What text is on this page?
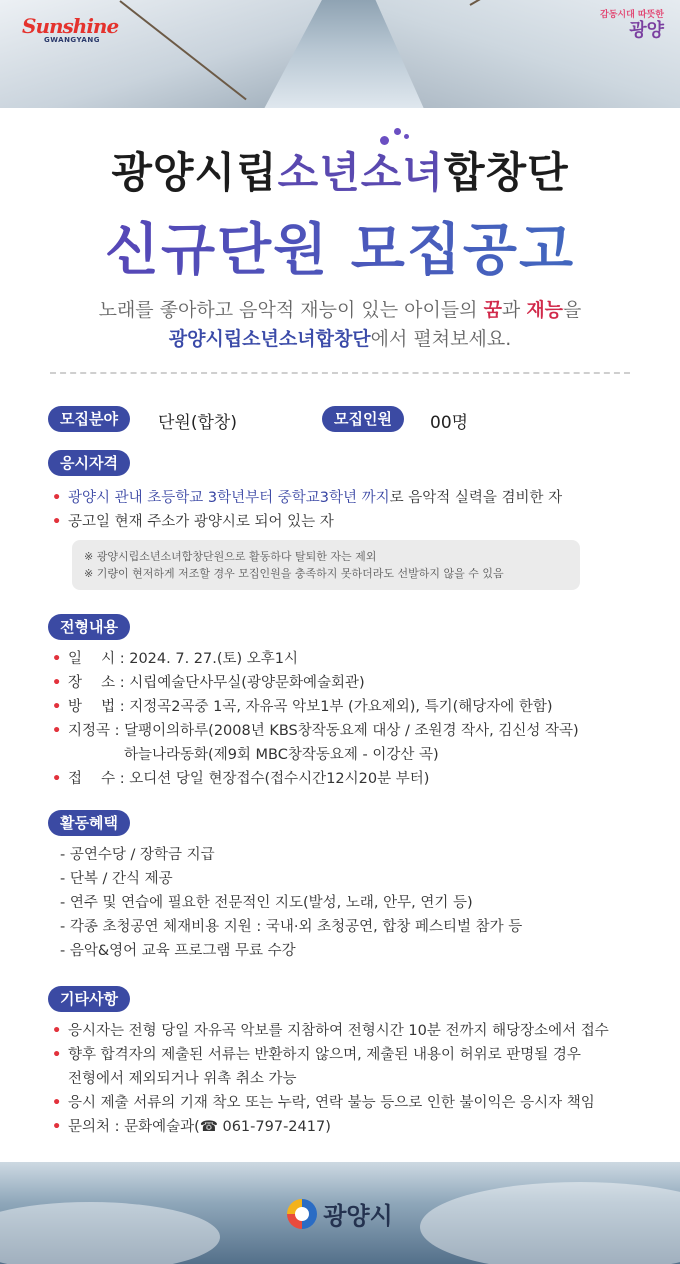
Sunshine
GWANGYANG
감동시대 따뜻한
광양
광양시립소년소녀합창단
신규단원 모집공고
노래를 좋아하고 음악적 재능이 있는 아이들의 꿈과 재능을
광양시립소년소녀합창단에서 펼쳐보세요.
모집분야	단원(합창)	모집인원	00명
응시자격
• 광양시 관내 초등학교 3학년부터 중학교3학년 까지로 음악적 실력을 겸비한 자
• 공고일 현재 주소가 광양시로 되어 있는 자
※ 광양시립소년소녀합창단원으로 활동하다 탈퇴한 자는 제외
※ 기량이 현저하게 저조할 경우 모집인원을 충족하지 못하더라도 선발하지 않을 수 있음
전형내용
• 일　 시 : 2024. 7. 27.(토) 오후1시
• 장　 소 : 시립예술단사무실(광양문화예술회관)
• 방　 법 : 지정곡2곡중 1곡, 자유곡 악보1부 (가요제외), 특기(해당자에 한함)
• 지정곡 : 달팽이의하루(2008년 KBS창작동요제 대상 / 조원경 작사, 김신성 작곡)
하늘나라동화(제9회 MBC창작동요제 - 이강산 곡)
• 접　 수 : 오디션 당일 현장접수(접수시간12시20분 부터)
활동혜택
- 공연수당 / 장학금 지급
- 단복 / 간식 제공
- 연주 및 연습에 필요한 전문적인 지도(발성, 노래, 안무, 연기 등)
- 각종 초청공연 체재비용 지원 : 국내·외 초청공연, 합창 페스티벌 참가 등
- 음악&영어 교육 프로그램 무료 수강
기타사항
• 응시자는 전형 당일 자유곡 악보를 지참하여 전형시간 10분 전까지 해당장소에서 접수
• 향후 합격자의 제출된 서류는 반환하지 않으며, 제출된 내용이 허위로 판명될 경우
전형에서 제외되거나 위촉 취소 가능
• 응시 제출 서류의 기재 착오 또는 누락, 연락 불능 등으로 인한 불이익은 응시자 책임
• 문의처 : 문화예술과(☎ 061-797-2417)
광양시
